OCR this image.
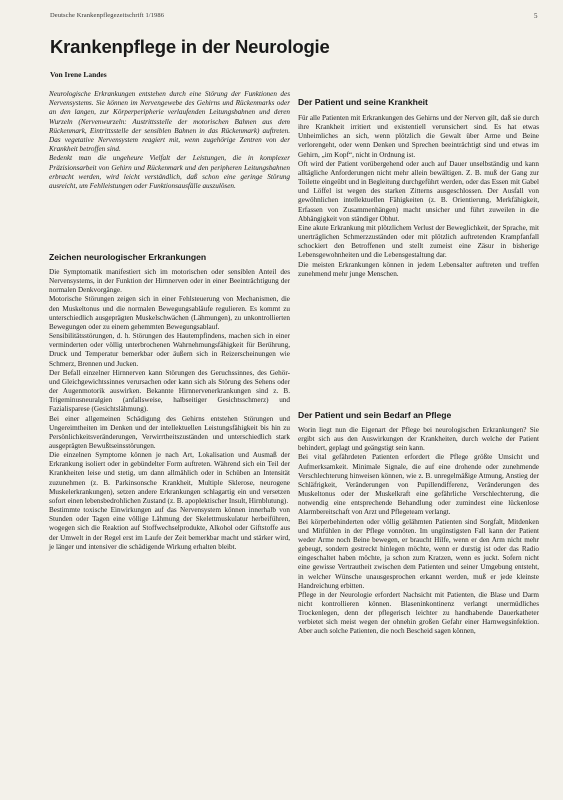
Deutsche Krankenpflegezeitschrift 1/1986	5
Krankenpflege in der Neurologie
Von Irene Landes

Neurologische Erkrankungen entstehen durch eine Störung der Funktionen des Nervensystems. Sie können im Nervengewebe des Gehirns und Rückenmarks oder an den langen, zur Körperperipherie verlaufenden Leitungsbahnen und deren Wurzeln (Nervenwurzeln: Austrittsstelle der motorischen Bahnen aus dem Rückenmark, Eintrittsstelle der sensiblen Bahnen in das Rückenmark) auftreten. Das vegetative Nervensystem reagiert mit, wenn zugehörige Zentren von der Krankheit betroffen sind.

Bedenkt man die ungeheure Vielfalt der Leistungen, die in komplexer Präzisionsarbeit von Gehirn und Rückenmark und den peripheren Leitungsbahnen erbracht werden, wird leicht verständlich, daß schon eine geringe Störung ausreicht, um Fehlleistungen oder Funktionsausfälle auszulösen.

Zeichen neurologischer Erkrankungen

Die Symptomatik manifestiert sich im motorischen oder sensiblen Anteil des Nervensystems, in der Funktion der Hirnnerven oder in einer Beeinträchtigung der normalen Denkvorgänge.

Motorische Störungen zeigen sich in einer Fehlsteuerung von Mechanismen, die den Muskeltonus und die normalen Bewegungsabläufe regulieren. Es kommt zu unterschiedlich ausgeprägten Muskelschwächen (Lähmungen), zu unkontrollierten Bewegungen oder zu einem gehemmten Bewegungsablauf.

Sensibilitätsstörungen, d. h. Störungen des Hautempfindens, machen sich in einer verminderten oder völlig unterbrochenen Wahrnehmungsfähigkeit für Berührung, Druck und Temperatur bemerkbar oder äußern sich in Reizerscheinungen wie Schmerz, Brennen und Jucken.

Der Befall einzelner Hirnnerven kann Störungen des Geruchssinnes, des Gehör- und Gleichgewichtssinnes verursachen oder kann sich als Störung des Sehens oder der Augenmotorik auswirken. Bekannte Hirnnervenerkrankungen sind z. B. Trigeminusneuralgien (anfallsweise, halbseitiger Gesichtsschmerz) und Fazialisparese (Gesichtslähmung).

Bei einer allgemeinen Schädigung des Gehirns entstehen Störungen und Ungereimtheiten im Denken und der intellektuellen Leistungsfähigkeit bis hin zu Persönlichkeitsveränderungen, Verwirrtheitszuständen und unterschiedlich stark ausgeprägten Bewußtseinsstörungen.

Die einzelnen Symptome können je nach Art, Lokalisation und Ausmaß der Erkrankung isoliert oder in gebündelter Form auftreten. Während sich ein Teil der Krankheiten leise und stetig, um dann allmählich oder in Schüben an Intensität zuzunehmen (z. B. Parkinsonsche Krankheit, Multiple Sklerose, neurogene Muskelerkrankungen), setzen andere Erkrankungen schlagartig ein und versetzen sofort einen lebensbedrohlichen Zustand (z. B. apoplektischer Insult, Hirnblutung).

Bestimmte toxische Einwirkungen auf das Nervensystem können innerhalb von Stunden oder Tagen eine völlige Lähmung der Skelettmuskulatur herbeiführen, wogegen sich die Reaktion auf Stoffwechselprodukte, Alkohol oder Giftstoffe aus der Umwelt in der Regel erst im Laufe der Zeit bemerkbar macht und stärker wird, je länger und intensiver die schädigende Wirkung erhalten bleibt.

Der Patient und seine Krankheit

Für alle Patienten mit Erkrankungen des Gehirns und der Nerven gilt, daß sie durch ihre Krankheit irritiert und existentiell verunsichert sind. Es hat etwas Unheimliches an sich, wenn plötzlich die Gewalt über Arme und Beine verlorengeht, oder wenn Denken und Sprechen beeinträchtigt sind und etwas im Gehirn, „im Kopf“, nicht in Ordnung ist.

Oft wird der Patient vorübergehend oder auch auf Dauer unselbständig und kann alltägliche Anforderungen nicht mehr allein bewältigen. Z. B. muß der Gang zur Toilette eingeübt und in Begleitung durchgeführt werden, oder das Essen mit Gabel und Löffel ist wegen des starken Zitterns ausgeschlossen. Der Ausfall von gewöhnlichen intellektuellen Fähigkeiten (z. B. Orientierung, Merkfähigkeit, Erfassen von Zusammenhängen) macht unsicher und führt zuweilen in die Abhängigkeit von ständiger Obhut.

Eine akute Erkrankung mit plötzlichem Verlust der Beweglichkeit, der Sprache, mit unerträglichen Schmerzzuständen oder mit plötzlich auftretenden Krampfanfall schockiert den Betroffenen und stellt zumeist eine Zäsur in bisherige Lebensgewohnheiten und die Lebensgestaltung dar.

Die meisten Erkrankungen können in jedem Lebensalter auftreten und treffen zunehmend mehr junge Menschen.

Der Patient und sein Bedarf an Pflege

Worin liegt nun die Eigenart der Pflege bei neurologischen Erkrankungen? Sie ergibt sich aus den Auswirkungen der Krankheiten, durch welche der Patient behindert, geplagt und geängstigt sein kann.

Bei vital gefährdeten Patienten erfordert die Pflege größte Umsicht und Aufmerksamkeit. Minimale Signale, die auf eine drohende oder zunehmende Verschlechterung hinweisen können, wie z. B. unregelmäßige Atmung, Anstieg der Schläfrigkeit, Veränderungen von Pupillendifferenz, Veränderungen des Muskeltonus oder der Muskelkraft eine gefährliche Verschlechterung, die notwendig eine entsprechende Behandlung oder zumindest eine lückenlose Alarmbereitschaft von Arzt und Pflegeteam verlangt.

Bei körperbehinderten oder völlig gelähmten Patienten sind Sorgfalt, Mitdenken und Mitfühlen in der Pflege vonnöten. Im ungünstigsten Fall kann der Patient weder Arme noch Beine bewegen, er braucht Hilfe, wenn er den Arm nicht mehr gebeugt, sondern gestreckt hinlegen möchte, wenn er durstig ist oder das Radio eingeschaltet haben möchte, ja schon zum Kratzen, wenn es juckt. Sofern nicht eine gewisse Vertrautheit zwischen dem Patienten und seiner Umgebung entsteht, in welcher Wünsche unausgesprochen erkannt werden, muß er jede kleinste Handreichung erbitten.

Pflege in der Neurologie erfordert Nachsicht mit Patienten, die Blase und Darm nicht kontrollieren können. Blaseninkontinenz verlangt unermüdliches Trockenlegen, denn der pflegerisch leichter zu handhabende Dauerkatheter verbietet sich meist wegen der ohnehin großen Gefahr einer Harnwegsinfektion. Aber auch solche Patienten, die noch Bescheid sagen können,
